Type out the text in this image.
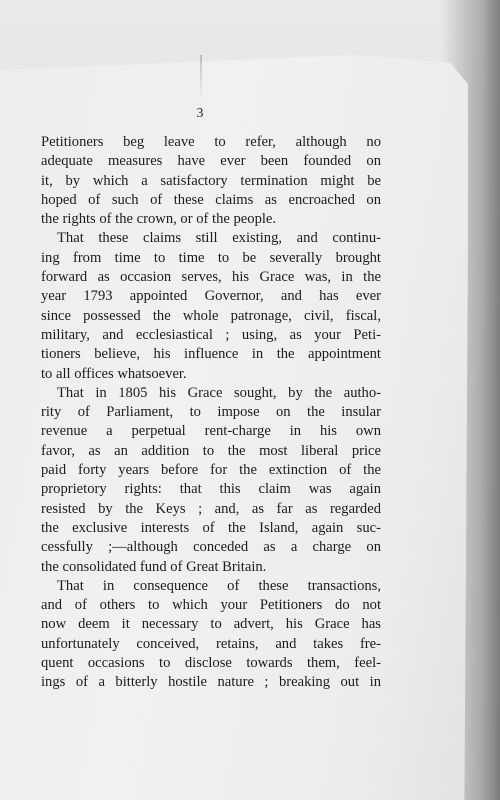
3
Petitioners beg leave to refer, although no
adequate measures have ever been founded on
it, by which a satisfactory termination might be
hoped of such of these claims as encroached on
the rights of the crown, or of the people.
That these claims still existing, and continu-
ing from time to time to be severally brought
forward as occasion serves, his Grace was, in the
year 1793 appointed Governor, and has ever
since possessed the whole patronage, civil, fiscal,
military, and ecclesiastical ; using, as your Peti-
tioners believe, his influence in the appointment
to all offices whatsoever.
That in 1805 his Grace sought, by the autho-
rity of Parliament, to impose on the insular
revenue a perpetual rent-charge in his own
favor, as an addition to the most liberal price
paid forty years before for the extinction of the
proprietory rights: that this claim was again
resisted by the Keys ; and, as far as regarded
the exclusive interests of the Island, again suc-
cessfully ;—although conceded as a charge on
the consolidated fund of Great Britain.
That in consequence of these transactions,
and of others to which your Petitioners do not
now deem it necessary to advert, his Grace has
unfortunately conceived, retains, and takes fre-
quent occasions to disclose towards them, feel-
ings of a bitterly hostile nature ; breaking out in
